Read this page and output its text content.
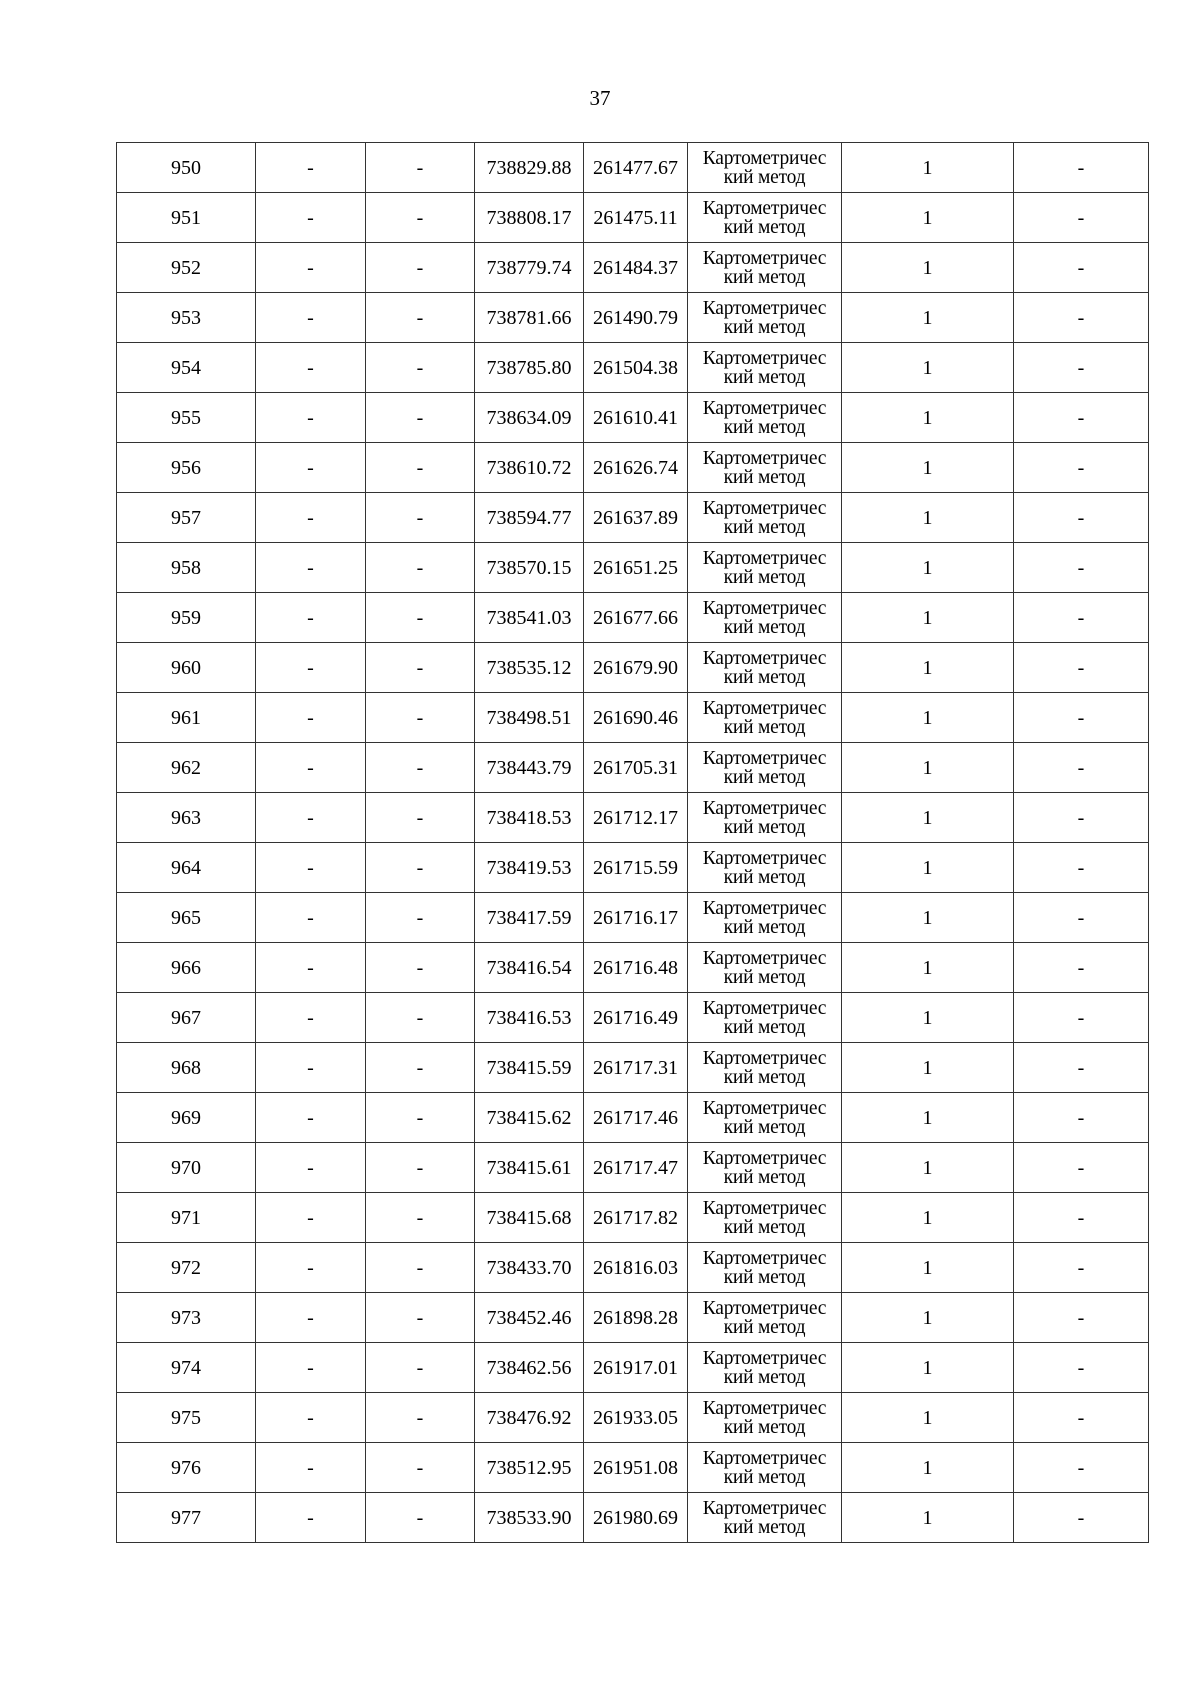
37
950	-	-	738829.88	261477.67	Картометричес
кий метод	1	-
951	-	-	738808.17	261475.11	Картометричес
кий метод	1	-
952	-	-	738779.74	261484.37	Картометричес
кий метод	1	-
953	-	-	738781.66	261490.79	Картометричес
кий метод	1	-
954	-	-	738785.80	261504.38	Картометричес
кий метод	1	-
955	-	-	738634.09	261610.41	Картометричес
кий метод	1	-
956	-	-	738610.72	261626.74	Картометричес
кий метод	1	-
957	-	-	738594.77	261637.89	Картометричес
кий метод	1	-
958	-	-	738570.15	261651.25	Картометричес
кий метод	1	-
959	-	-	738541.03	261677.66	Картометричес
кий метод	1	-
960	-	-	738535.12	261679.90	Картометричес
кий метод	1	-
961	-	-	738498.51	261690.46	Картометричес
кий метод	1	-
962	-	-	738443.79	261705.31	Картометричес
кий метод	1	-
963	-	-	738418.53	261712.17	Картометричес
кий метод	1	-
964	-	-	738419.53	261715.59	Картометричес
кий метод	1	-
965	-	-	738417.59	261716.17	Картометричес
кий метод	1	-
966	-	-	738416.54	261716.48	Картометричес
кий метод	1	-
967	-	-	738416.53	261716.49	Картометричес
кий метод	1	-
968	-	-	738415.59	261717.31	Картометричес
кий метод	1	-
969	-	-	738415.62	261717.46	Картометричес
кий метод	1	-
970	-	-	738415.61	261717.47	Картометричес
кий метод	1	-
971	-	-	738415.68	261717.82	Картометричес
кий метод	1	-
972	-	-	738433.70	261816.03	Картометричес
кий метод	1	-
973	-	-	738452.46	261898.28	Картометричес
кий метод	1	-
974	-	-	738462.56	261917.01	Картометричес
кий метод	1	-
975	-	-	738476.92	261933.05	Картометричес
кий метод	1	-
976	-	-	738512.95	261951.08	Картометричес
кий метод	1	-
977	-	-	738533.90	261980.69	Картометричес
кий метод	1	-
